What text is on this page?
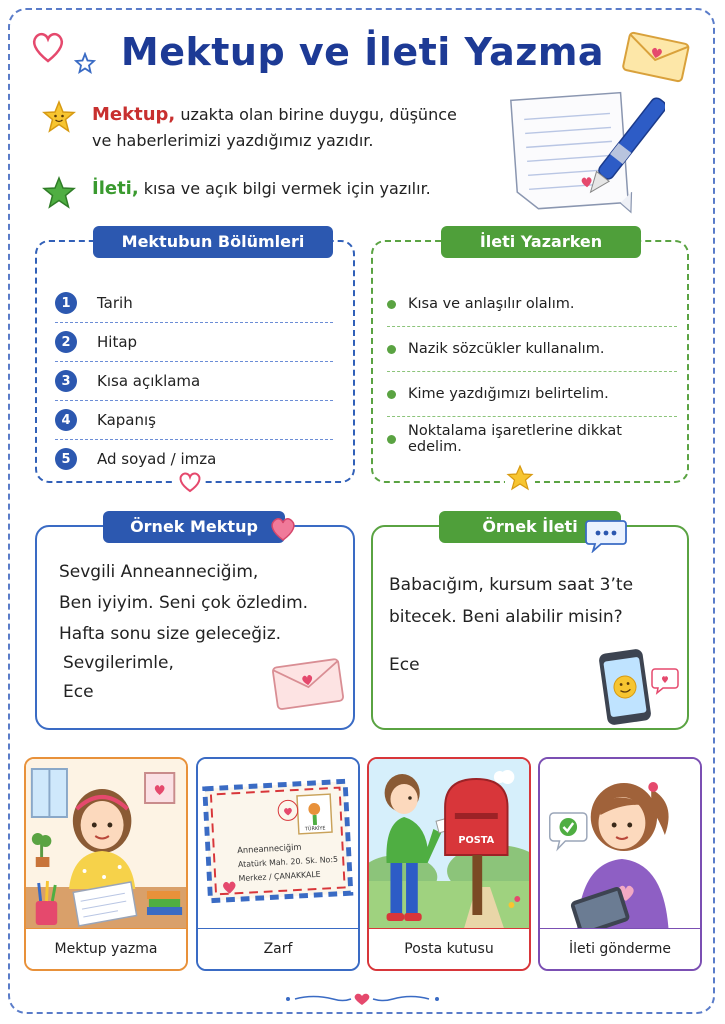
Mektup ve İleti Yazma
Mektup, uzakta olan birine duygu, düşünce
ve haberlerimizi yazdığımız yazıdır.
İleti, kısa ve açık bilgi vermek için yazılır.
Mektubun Bölümleri
1	Tarih
2	Hitap
3	Kısa açıklama
4	Kapanış
5	Ad soyad / imza
İleti Yazarken
Kısa ve anlaşılır olalım.
Nazik sözcükler kullanalım.
Kime yazdığımızı belirtelim.
Noktalama işaretlerine dikkat edelim.
Örnek Mektup
Sevgili Anneanneciğim,
Ben iyiyim. Seni çok özledim.
Hafta sonu size geleceğiz.
Sevgilerimle,
Ece
Örnek İleti
Babacığım, kursum saat 3’te
bitecek. Beni alabilir misin?
Ece
Mektup yazma
TÜRKİYE
Anneanneciğim
Atatürk Mah. 20. Sk. No:5
Merkez / ÇANAKKALE
Zarf
POSTA
Posta kutusu	İleti gönderme
